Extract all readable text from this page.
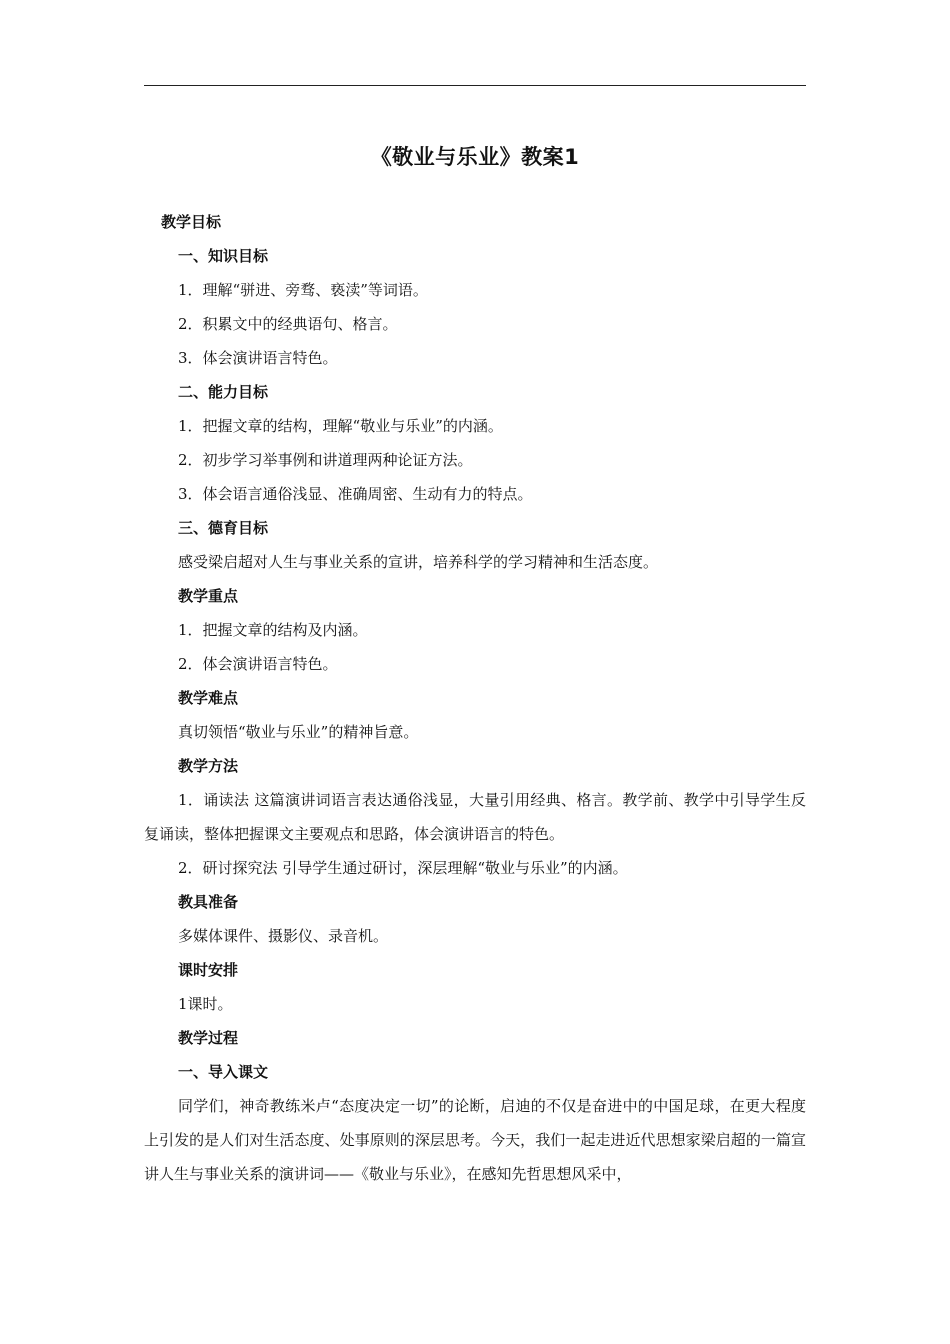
《敬业与乐业》教案1

教学目标

一、知识目标

1．理解“骈进、旁骛、亵渎”等词语。

2．积累文中的经典语句、格言。

3．体会演讲语言特色。

二、能力目标

1．把握文章的结构，理解“敬业与乐业”的内涵。

2．初步学习举事例和讲道理两种论证方法。

3．体会语言通俗浅显、准确周密、生动有力的特点。

三、德育目标

感受梁启超对人生与事业关系的宣讲，培养科学的学习精神和生活态度。

教学重点

1．把握文章的结构及内涵。

2．体会演讲语言特色。

教学难点

真切领悟“敬业与乐业”的精神旨意。

教学方法

1．诵读法 这篇演讲词语言表达通俗浅显，大量引用经典、格言。教学前、教学中引导学生反复诵读，整体把握课文主要观点和思路，体会演讲语言的特色。

2．研讨探究法 引导学生通过研讨，深层理解“敬业与乐业”的内涵。

教具准备

多媒体课件、摄影仪、录音机。

课时安排

1课时。

教学过程

一、导入课文

同学们，神奇教练米卢“态度决定一切”的论断，启迪的不仅是奋进中的中国足球，在更大程度上引发的是人们对生活态度、处事原则的深层思考。今天，我们一起走进近代思想家梁启超的一篇宣讲人生与事业关系的演讲词——《敬业与乐业》，在感知先哲思想风采中，
